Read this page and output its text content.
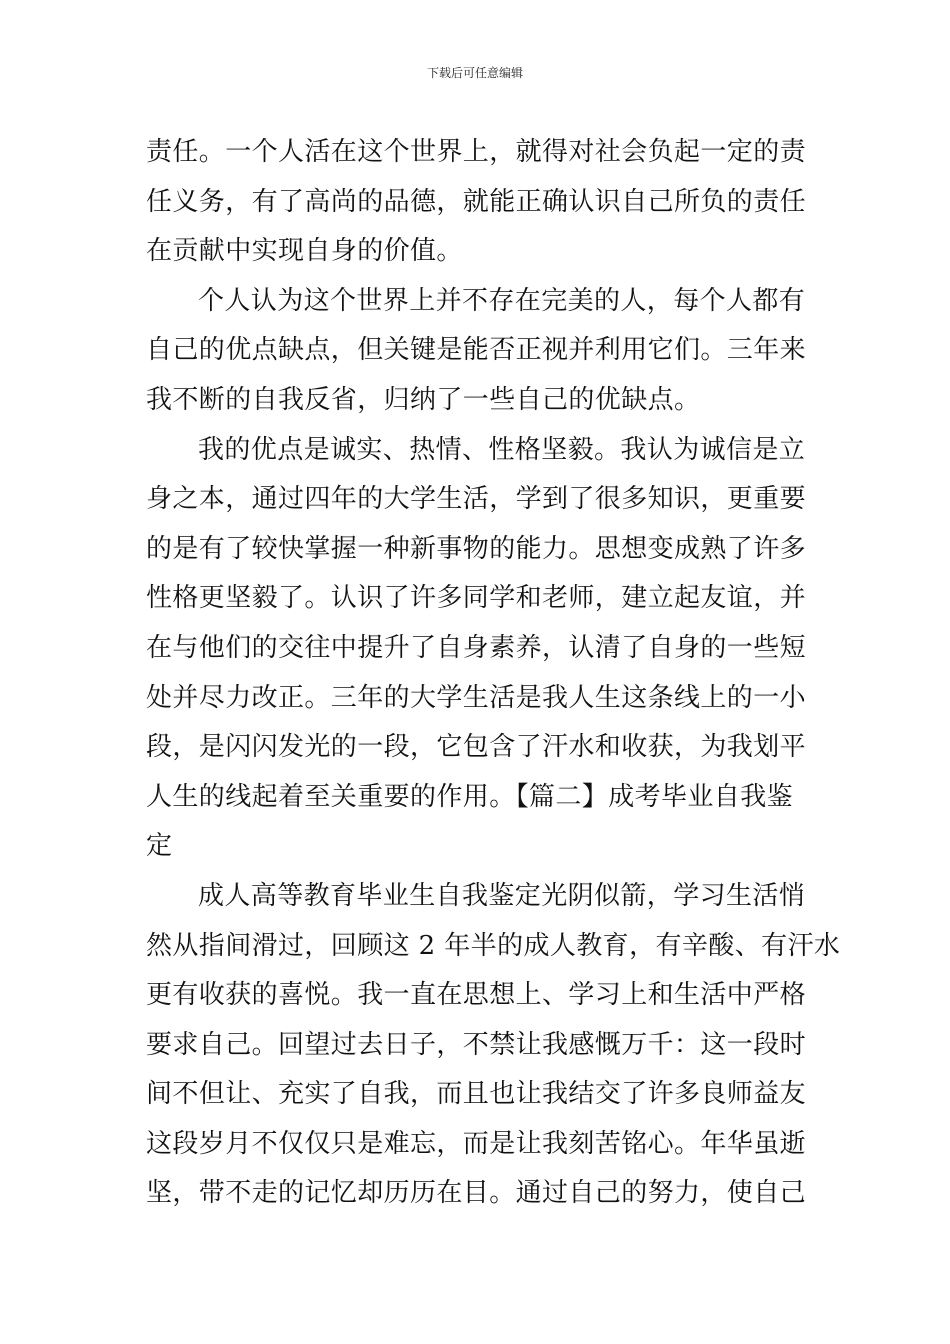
下载后可任意编辑
责任。一个人活在这个世界上，就得对社会负起一定的责
任义务，有了高尚的品德，就能正确认识自己所负的责任
在贡献中实现自身的价值。
个人认为这个世界上并不存在完美的人，每个人都有
自己的优点缺点，但关键是能否正视并利用它们。三年来
我不断的自我反省，归纳了一些自己的优缺点。
我的优点是诚实、热情、性格坚毅。我认为诚信是立
身之本，通过四年的大学生活，学到了很多知识，更重要
的是有了较快掌握一种新事物的能力。思想变成熟了许多
性格更坚毅了。认识了许多同学和老师，建立起友谊，并
在与他们的交往中提升了自身素养，认清了自身的一些短
处并尽力改正。三年的大学生活是我人生这条线上的一小
段，是闪闪发光的一段，它包含了汗水和收获，为我划平
人生的线起着至关重要的作用。【篇二】成考毕业自我鉴
定
成人高等教育毕业生自我鉴定光阴似箭，学习生活悄
然从指间滑过，回顾这 2 年半的成人教育，有辛酸、有汗水
更有收获的喜悦。我一直在思想上、学习上和生活中严格
要求自己。回望过去日子，不禁让我感慨万千：这一段时
间不但让、充实了自我，而且也让我结交了许多良师益友
这段岁月不仅仅只是难忘，而是让我刻苦铭心。年华虽逝
坚，带不走的记忆却历历在目。通过自己的努力，使自己
